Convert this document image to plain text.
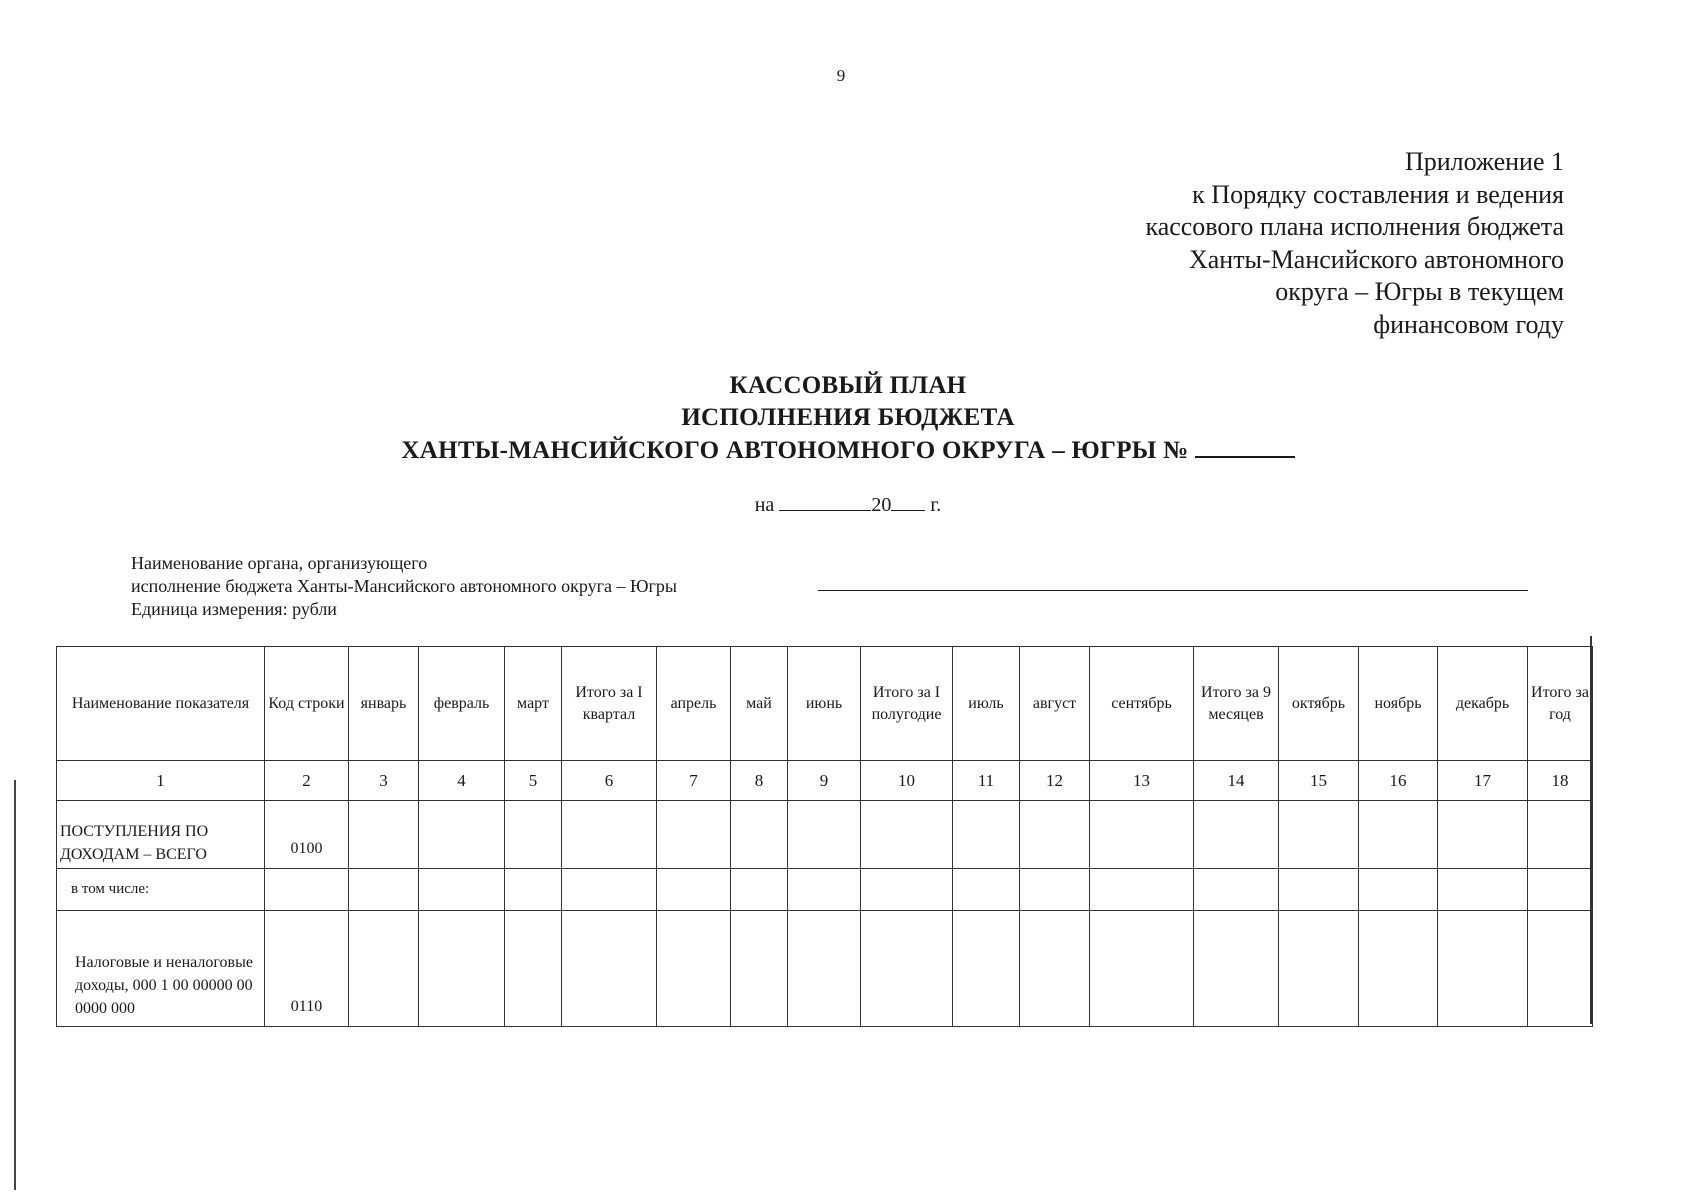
9
Приложение 1
к Порядку составления и ведения
кассового плана исполнения бюджета
Ханты-Мансийского автономного
округа – Югры в текущем
финансовом году
КАССОВЫЙ ПЛАН
ИСПОЛНЕНИЯ БЮДЖЕТА
ХАНТЫ-МАНСИЙСКОГО АВТОНОМНОГО ОКРУГА – ЮГРЫ №
на	20 г.
Наименование органа, организующего
исполнение бюджета Ханты-Мансийского автономного округа – Югры
Единица измерения: рубли
Наименование показателя	Код строки	январь	февраль	март	Итого за I квартал	апрель	май	июнь	Итого за I полугодие	июль	август	сентябрь	Итого за 9 месяцев	октябрь	ноябрь	декабрь	Итого за год
1	2	3	4	5	6	7	8	9	10	11	12	13	14	15	16	17	18
ПОСТУПЛЕНИЯ ПО ДОХОДАМ – ВСЕГО	0100																
в том числе:																	
Налоговые и неналоговые доходы, 000 1 00 00000 00 0000 000	0110																
